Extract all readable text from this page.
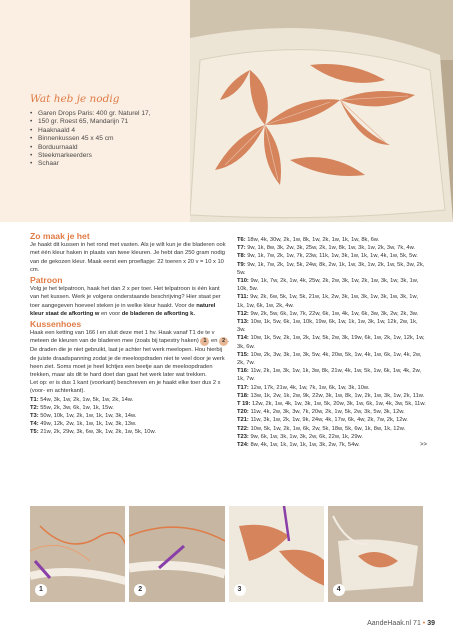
Wat heb je nodig
• Garen Drops Paris: 400 gr. Naturel 17,
• 150 gr. Roest 65, Mandarijn 71
• Haaknaald 4
• Binnenkussen 45 x 45 cm
• Borduurnaald
• Steekmarkeerders
• Schaar
Zo maak je het
Je haakt dit kussen in het rond met vasten. Als je wilt kun je die bladeren ook met één kleur haken in plaats van twee kleuren. Je hebt dan 250 gram nodig van de gekozen kleur. Maak eerst een proeflapje: 22 toeren x 20 v = 10 x 10 cm.
Patroon
Volg je het telpatroon, haak het dan 2 x per toer. Het telpatroon is één kant van het kussen. Werk je volgens onderstaande beschrijving? Hier staat per toer aangegeven hoeveel steken je in welke kleur haakt. Voor de naturel kleur staat de afkorting w en voor de bladeren de afkorting k.
Kussenhoes
Haak een ketting van 166 l en sluit deze met 1 hv. Haak vanaf T1 de te v meteen de kleuren van de bladeren mee (zoals bij tapestry haken) 1 en 2 . De draden die je niet gebruikt, laat je achter het werk meelopen. Hou hierbij de juiste draadspanning zodat je de meeloopdraden niet te veel door je werk heen ziet. Soms moet je heel lichtjes een beetje aan de meeloopdraden trekken, maar als dit te hard doet dan gaat het werk later wat trekken.
Let op: er is dus 1 kant (voorkant) beschreven en je haakt elke toer dus 2 x (voor- en achterkant).
T1: 54w, 3k, 1w, 2k, 1w, 5k, 1w, 2k, 14w.
T2: 55w, 2k, 3w, 6k, 1w, 1k, 15w.
T3: 50w, 10k, 1w, 2k, 1w, 1k, 1w, 3k, 14w.
T4: 49w, 12k, 2w, 1k, 1w, 1k, 1w, 3k, 13w.
T5: 21w, 2k, 29w, 3k, 6w, 3k, 1w, 2k, 1w, 5k, 10w.
T6: 18w, 4k, 30w, 2k, 1w, 8k, 1w, 2k, 1w, 1k, 1w, 8k, 6w.
T7: 9w, 1k, 8w, 3k, 2w, 3k, 25w, 2k, 1w, 8k, 1w, 3k, 1w, 2k, 3w, 7k, 4w.
T8: 9w, 1k, 7w, 2k, 1w, 7k, 23w, 11k, 1w, 3k, 1w, 1k, 1w, 4k, 1w, 5k, 5w.
T9: 9w, 1k, 7w, 2k, 1w, 5k, 24w, 8k, 2w, 1k, 1w, 3k, 1w, 2k, 1w, 5k, 3w, 2k, 5w.
T10: 9w, 1k, 7w, 2k, 1w, 4k, 25w, 2k, 2w, 3k, 1w, 2k, 1w, 3k, 1w, 3k, 1w, 10k, 5w.
T11: 9w, 2k, 6w, 5k, 1w, 5k, 21w, 1k, 2w, 3k, 1w, 3k, 1w, 3k, 1w, 3k, 1w, 1k, 1w, 6k, 1w, 2k, 4w.
T12: 9w, 2k, 5w, 6k, 1w, 7k, 22w, 6k, 1w, 4k, 1w, 6k, 3w, 3k, 2w, 2k, 3w.
T13: 10w, 1k, 5w, 6k, 1w, 10k, 19w, 6k, 1w, 1k, 1w, 3k, 1w, 12k, 2w, 1k, 3w.
T14: 10w, 1k, 5w, 2k, 1w, 2k, 1w, 5k, 2w, 3k, 19w, 6k, 1w, 2k, 1w, 12k, 1w, 3k, 6w.
T15: 10w, 2k, 3w, 3k, 1w, 3k, 5w, 4k, 20w, 5k, 1w, 4k, 1w, 6k, 1w, 4k, 2w, 2k, 7w.
T16: 11w, 2k, 1w, 3k, 1w, 1k, 3w, 8k, 21w, 4k, 1w, 5k, 1w, 6k, 1w, 4k, 2w, 1k, 7w.
T17: 12w, 17k, 21w, 4k, 1w, 7k, 1w, 6k, 1w, 3k, 10w.
T18: 13w, 1k, 2w, 1k, 2w, 9k, 22w, 3k, 1w, 8k, 1w, 2k, 1w, 3k, 1w, 2k, 11w.
T 19: 12w, 2k, 1w, 4k, 1w, 3k, 1w, 5k, 20w, 3k, 1w, 6k, 1w, 4k, 3w, 5k, 11w.
T20: 11w, 4k, 2w, 3k, 3w, 7k, 20w, 2k, 1w, 5k, 2w, 3k, 5w, 3k, 12w.
T21: 11w, 3k, 1w, 2k, 1w, 9k, 24w, 4k, 17w, 6k, 4w, 2k, 7w, 2k, 12w.
T22: 10w, 5k, 1w, 2k, 1w, 6k, 2w, 5k, 18w, 5k, 6w, 1k, 8w, 1k, 12w.
T23: 9w, 6k, 1w, 3k, 1w, 3k, 2w, 6k, 22w, 1k, 29w.
T24: 8w, 4k, 1w, 1k, 1w, 1k, 1w, 3k, 2w, 7k, 54w.	>>
1	2	3	4
AandeHaak.nl 71 • 39
